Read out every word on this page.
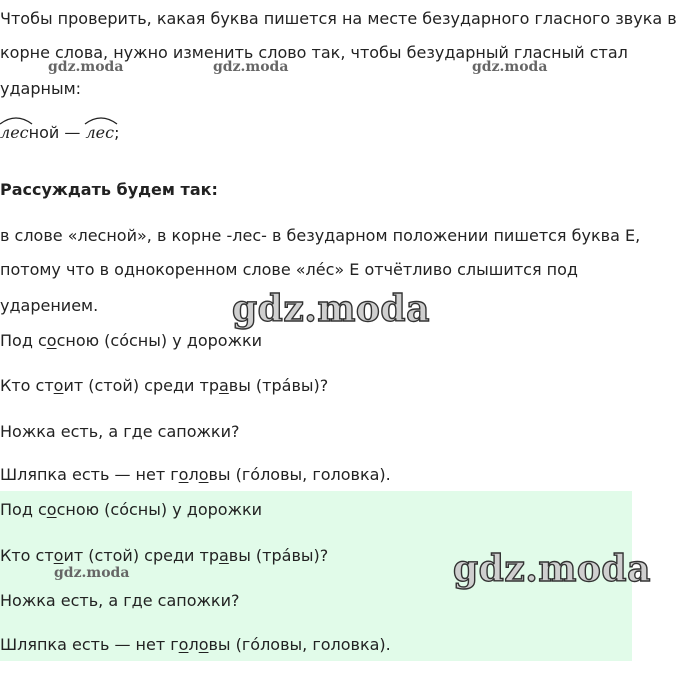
Чтобы проверить, какая буква пишется на месте безударного гласного звука в
корне слова, нужно изменить слово так, чтобы безударный гласный стал
ударным:
лесной — лес;
Рассуждать будем так:
в слове «лесной», в корне -лес- в безударном положении пишется буква Е,
потому что в однокоренном слове «лéс» Е отчётливо слышится под
ударением.
Под сосною (сóсны) у дорожки
Кто стоит (стой) среди травы (трáвы)?
Ножка есть, а где сапожки?
Шляпка есть — нет головы (гóловы, головка).
Под сосною (сóсны) у дорожки
Кто стоит (стой) среди травы (трáвы)?
Ножка есть, а где сапожки?
Шляпка есть — нет головы (гóловы, головка).
gdz.moda	gdz.moda	gdz.moda
gdz.moda
gdz.moda	gdz.moda
